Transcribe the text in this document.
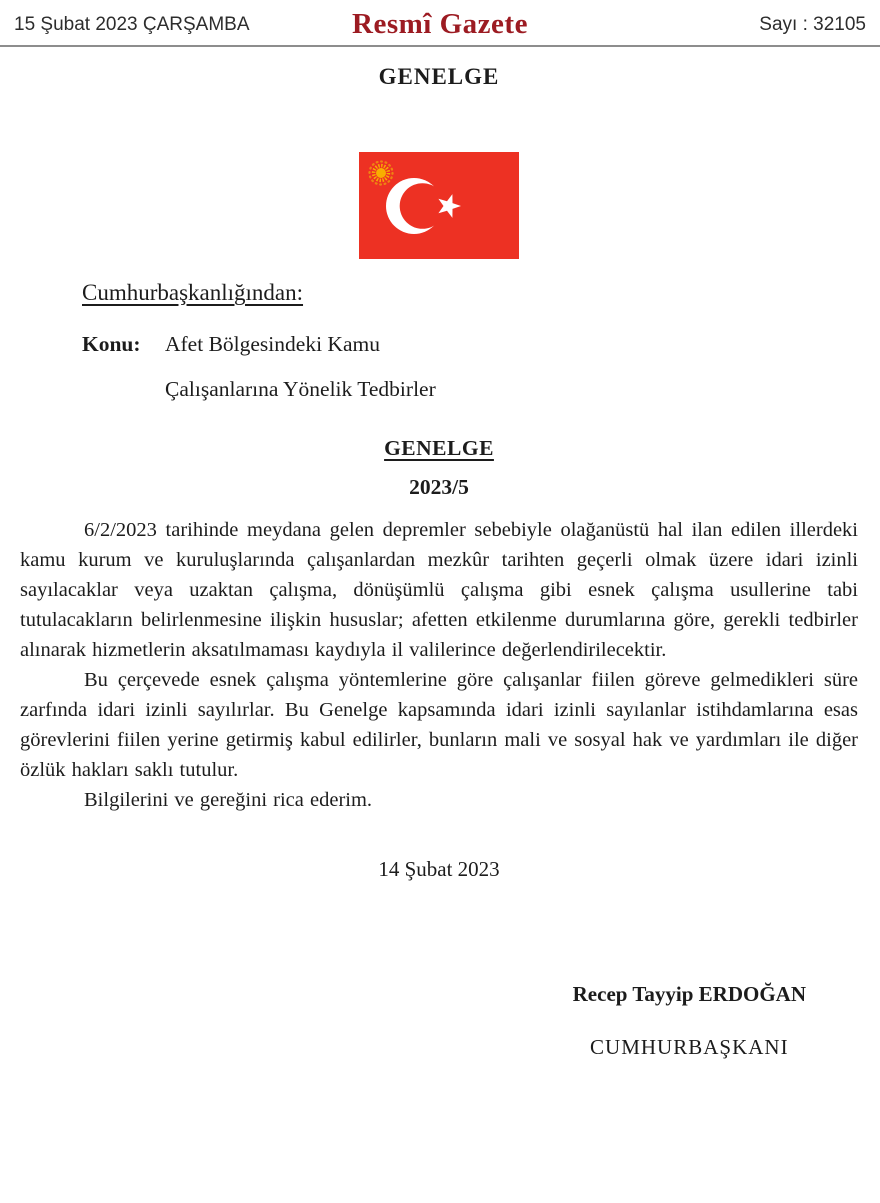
15 Şubat 2023 ÇARŞAMBA	Resmî Gazete	Sayı : 32105
GENELGE
Cumhurbaşkanlığından:
Konu:	Afet Bölgesindeki Kamu
Çalışanlarına Yönelik Tedbirler
GENELGE
2023/5

6/2/2023 tarihinde meydana gelen depremler sebebiyle olağanüstü hal ilan edilen illerdeki kamu kurum ve kuruluşlarında çalışanlardan mezkûr tarihten geçerli olmak üzere idari izinli sayılacaklar veya uzaktan çalışma, dönüşümlü çalışma gibi esnek çalışma usullerine tabi tutulacakların belirlenmesine ilişkin hususlar; afetten etkilenme durumlarına göre, gerekli tedbirler alınarak hizmetlerin aksatılmaması kaydıyla il valilerince değerlendirilecektir.

Bu çerçevede esnek çalışma yöntemlerine göre çalışanlar fiilen göreve gelmedikleri süre zarfında idari izinli sayılırlar. Bu Genelge kapsamında idari izinli sayılanlar istihdamlarına esas görevlerini fiilen yerine getirmiş kabul edilirler, bunların mali ve sosyal hak ve yardımları ile diğer özlük hakları saklı tutulur.

Bilgilerini ve gereğini rica ederim.

14 Şubat 2023
Recep Tayyip ERDOĞAN
CUMHURBAŞKANI
